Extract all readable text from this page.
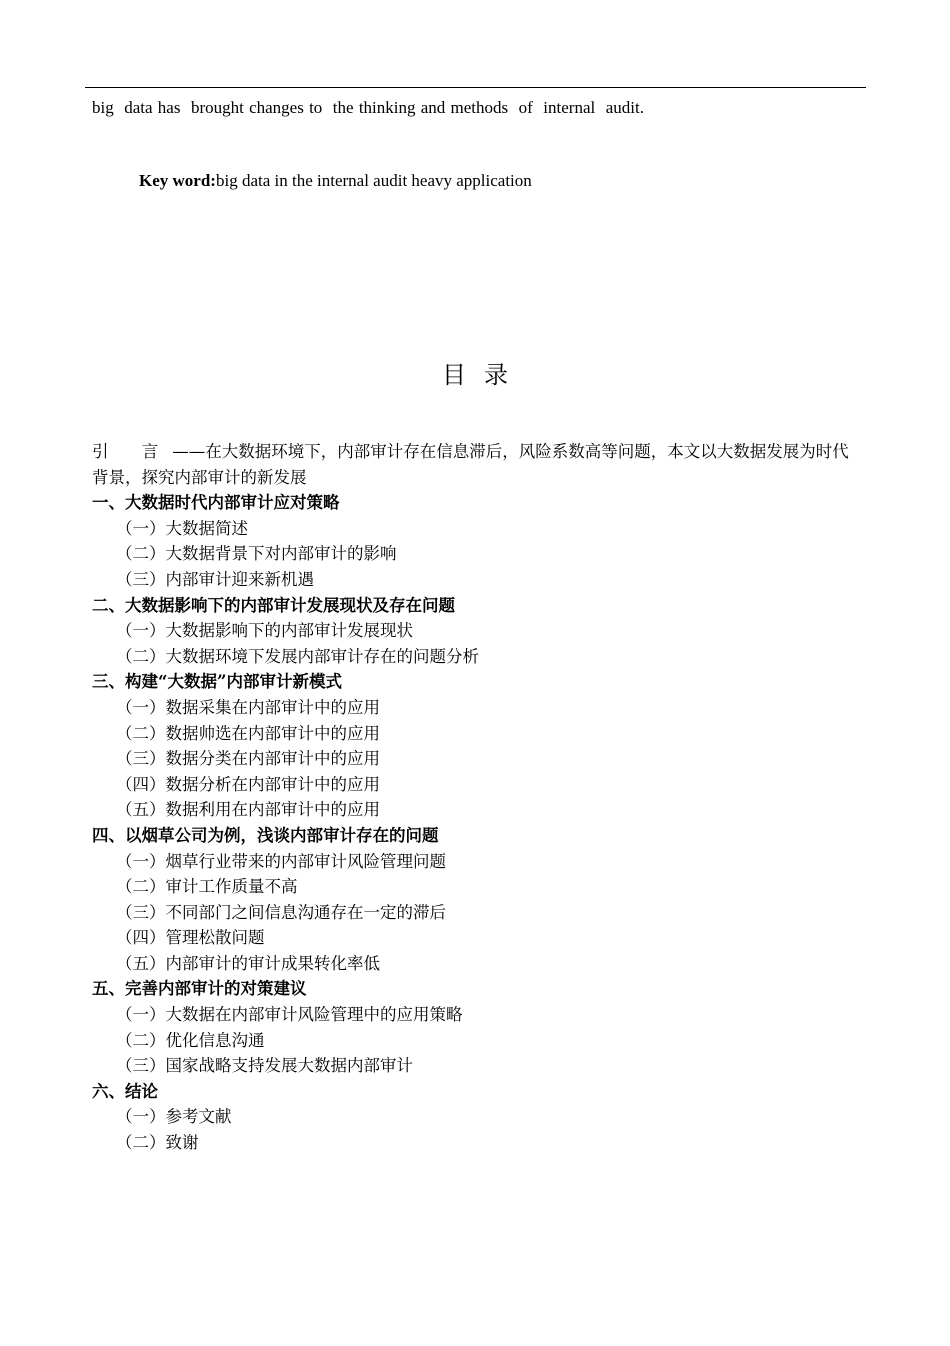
big  data has  brought changes to  the thinking and methods  of  internal  audit.
Key word:big data in the internal audit heavy application
目录

引 言——在大数据环境下，内部审计存在信息滞后，风险系数高等问题，本文以大数据发展为时代背景，探究内部审计的新发展

一、大数据时代内部审计应对策略
（一）大数据简述
（二）大数据背景下对内部审计的影响
（三）内部审计迎来新机遇
二、大数据影响下的内部审计发展现状及存在问题
（一）大数据影响下的内部审计发展现状
（二）大数据环境下发展内部审计存在的问题分析
三、构建“大数据”内部审计新模式
（一）数据采集在内部审计中的应用
（二）数据帅选在内部审计中的应用
（三）数据分类在内部审计中的应用
（四）数据分析在内部审计中的应用
（五）数据利用在内部审计中的应用
四、以烟草公司为例，浅谈内部审计存在的问题
（一）烟草行业带来的内部审计风险管理问题
（二）审计工作质量不高
（三）不同部门之间信息沟通存在一定的滞后
（四）管理松散问题
（五）内部审计的审计成果转化率低
五、完善内部审计的对策建议
（一）大数据在内部审计风险管理中的应用策略
（二）优化信息沟通
（三）国家战略支持发展大数据内部审计
六、结论
（一）参考文献
（二）致谢
